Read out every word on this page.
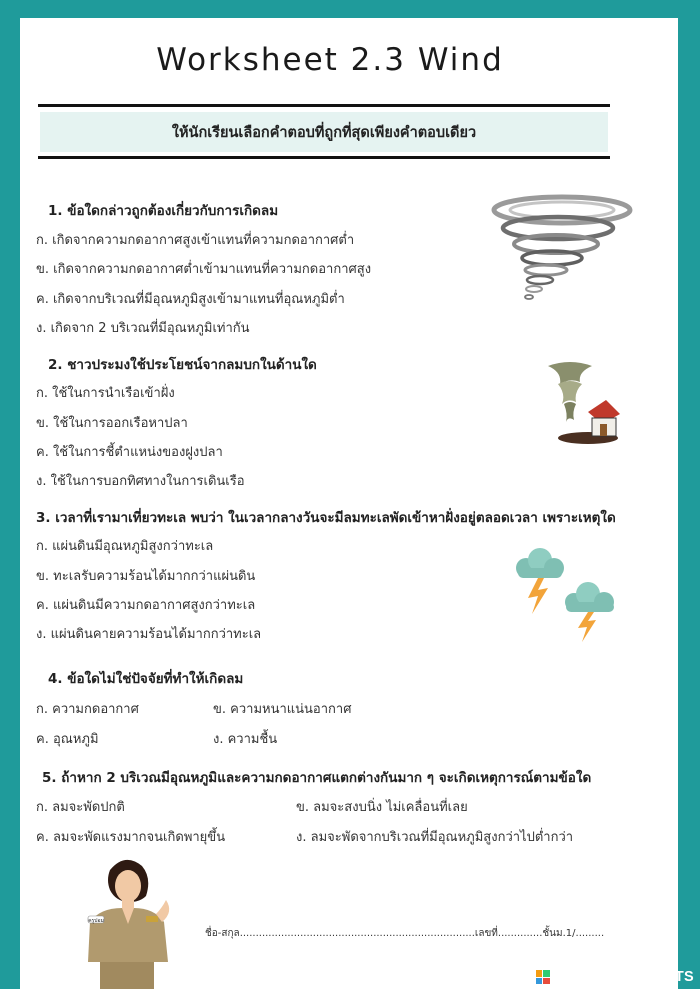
Worksheet 2.3 Wind
ให้นักเรียนเลือกคำตอบที่ถูกที่สุดเพียงคำตอบเดียว
1. ข้อใดกล่าวถูกต้องเกี่ยวกับการเกิดลม
ก. เกิดจากความกดอากาศสูงเข้าแทนที่ความกดอากาศต่ำ
ข. เกิดจากความกดอากาศต่ำเข้ามาแทนที่ความกดอากาศสูง
ค. เกิดจากบริเวณที่มีอุณหภูมิสูงเข้ามาแทนที่อุณหภูมิต่ำ
ง. เกิดจาก 2 บริเวณที่มีอุณหภูมิเท่ากัน
2. ชาวประมงใช้ประโยชน์จากลมบกในด้านใด
ก. ใช้ในการนำเรือเข้าฝั่ง
ข. ใช้ในการออกเรือหาปลา
ค. ใช้ในการชี้ตำแหน่งของฝูงปลา
ง. ใช้ในการบอกทิศทางในการเดินเรือ
3. เวลาที่เรามาเที่ยวทะเล พบว่า ในเวลากลางวันจะมีลมทะเลพัดเข้าหาฝั่งอยู่ตลอดเวลา เพราะเหตุใด
ก. แผ่นดินมีอุณหภูมิสูงกว่าทะเล
ข. ทะเลรับความร้อนได้มากกว่าแผ่นดิน
ค. แผ่นดินมีความกดอากาศสูงกว่าทะเล
ง. แผ่นดินคายความร้อนได้มากกว่าทะเล
4. ข้อใดไม่ใช่ปัจจัยที่ทำให้เกิดลม
ก. ความกดอากาศ	ข. ความหนาแน่นอากาศ
ค. อุณหภูมิ	ง. ความชื้น
5. ถ้าหาก 2 บริเวณมีอุณหภูมิและความกดอากาศแตกต่างกันมาก ๆ จะเกิดเหตุการณ์ตามข้อใด
ก. ลมจะพัดปกติ	ข. ลมจะสงบนิ่ง ไม่เคลื่อนที่เลย
ค. ลมจะพัดแรงมากจนเกิดพายุขึ้น	ง. ลมจะพัดจากบริเวณที่มีอุณหภูมิสูงกว่าไปต่ำกว่า
ครูปอม
ชื่อ-สกุล..........................................................................เลขที่..............ชั้นม.1/.........
LIVEWORKSHEETS
